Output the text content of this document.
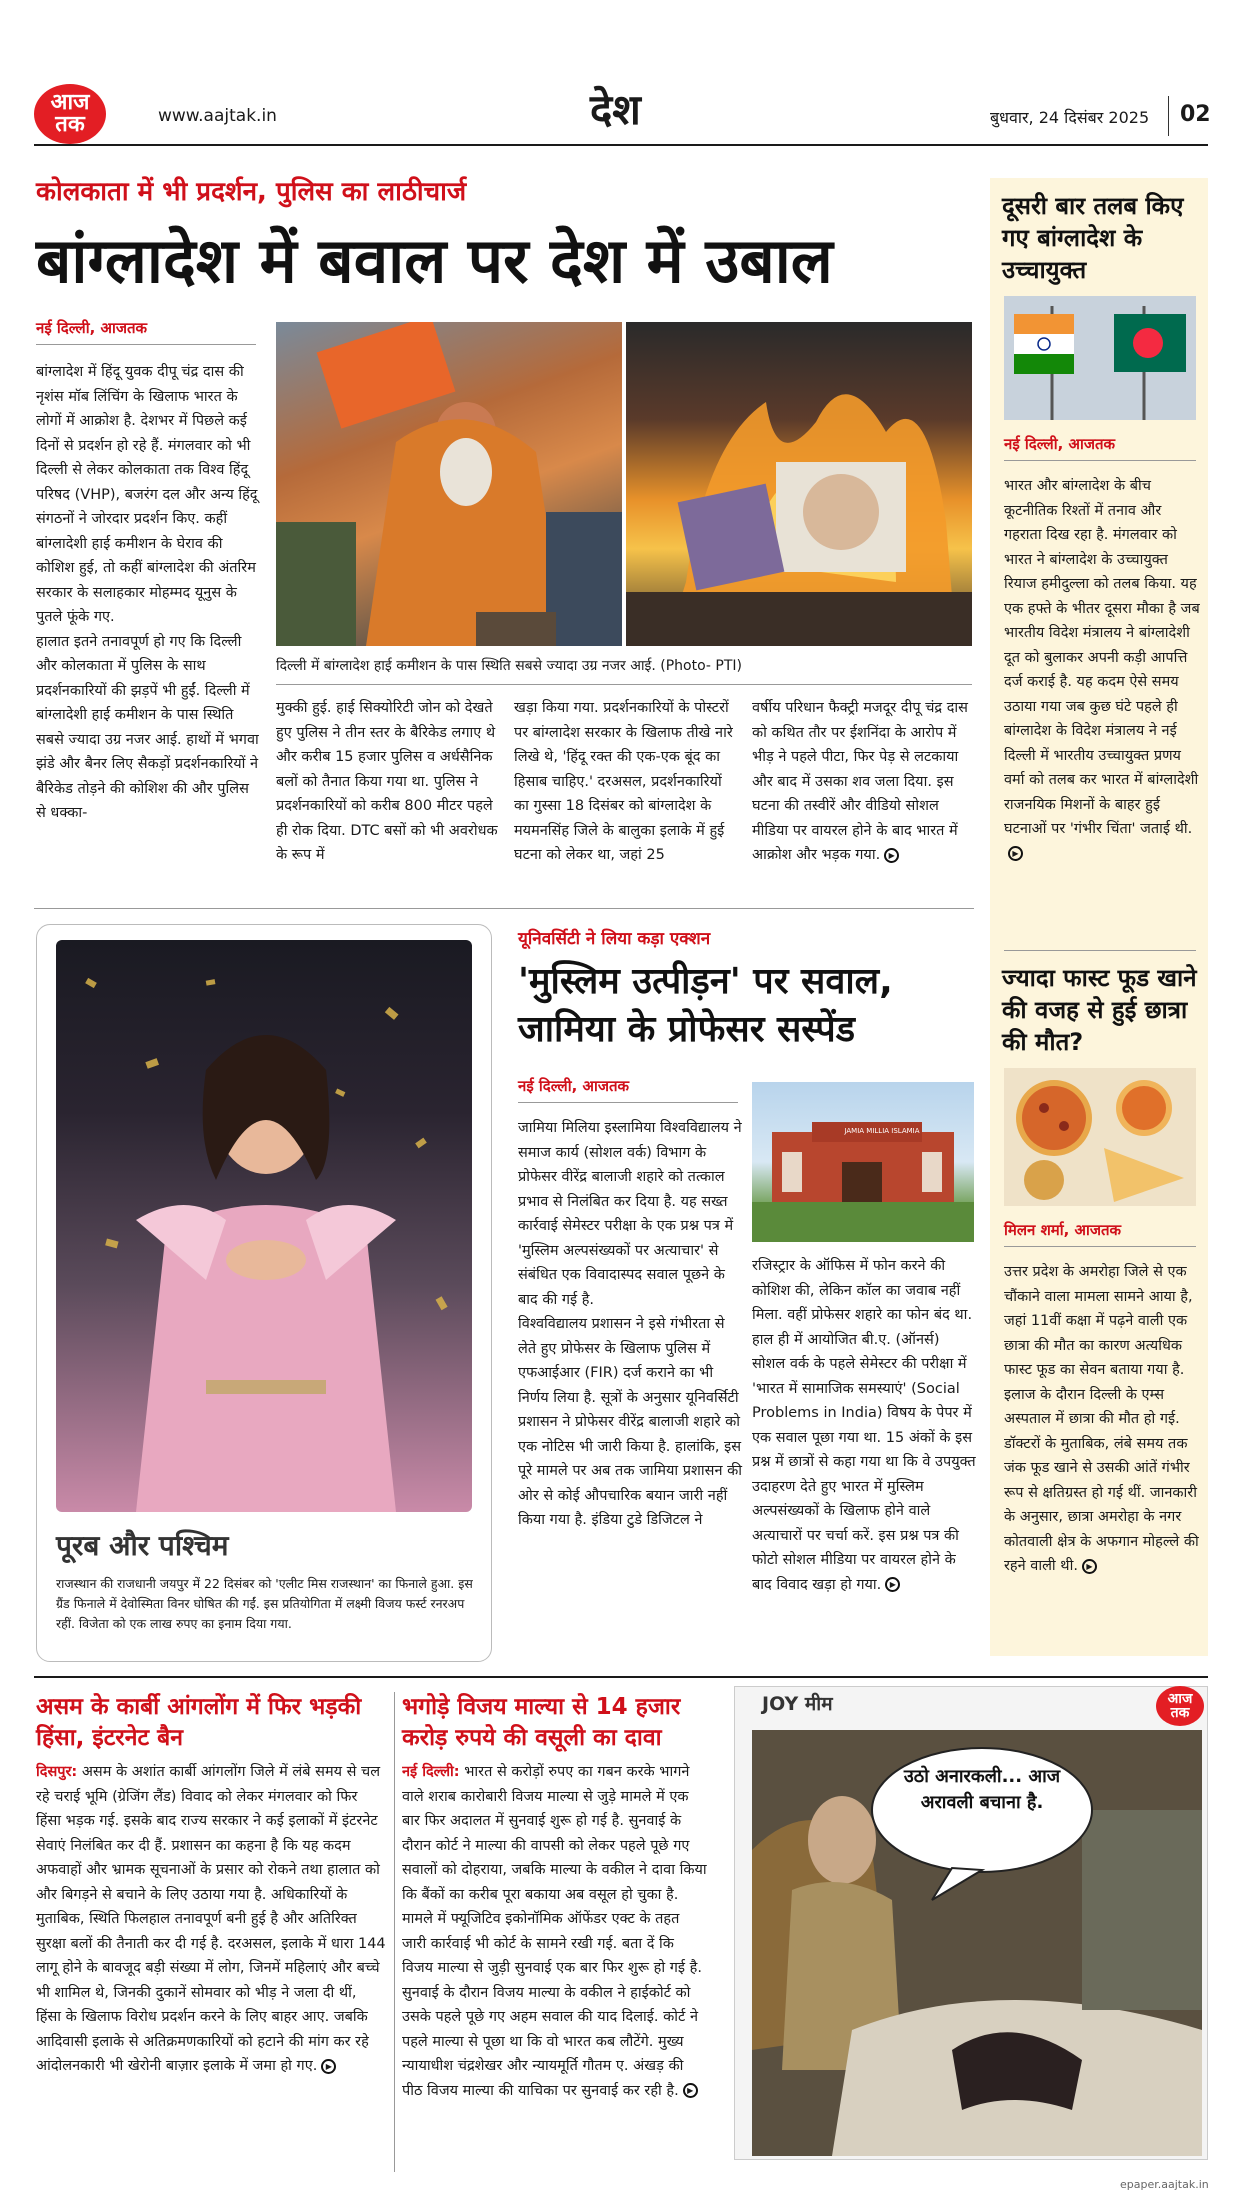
आज
तक	www.aajtak.in	देश	बुधवार, 24 दिसंबर 2025 02
कोलकाता में भी प्रदर्शन, पुलिस का लाठीचार्ज
बांग्लादेश में बवाल पर देश में उबाल
नई दिल्ली, आजतक
बांग्लादेश में हिंदू युवक दीपू चंद्र दास की नृशंस मॉब लिंचिंग के खिलाफ भारत के लोगों में आक्रोश है. देशभर में पिछले कई दिनों से प्रदर्शन हो रहे हैं. मंगलवार को भी दिल्ली से लेकर कोलकाता तक विश्व हिंदू परिषद (VHP), बजरंग दल और अन्य हिंदू संगठनों ने जोरदार प्रदर्शन किए. कहीं बांग्लादेशी हाई कमीशन के घेराव की कोशिश हुई, तो कहीं बांग्लादेश की अंतरिम सरकार के सलाहकार मोहम्मद यूनुस के पुतले फूंके गए.
हालात इतने तनावपूर्ण हो गए कि दिल्ली और कोलकाता में पुलिस के साथ प्रदर्शनकारियों की झड़पें भी हुईं. दिल्ली में बांग्लादेशी हाई कमीशन के पास स्थिति सबसे ज्यादा उग्र नजर आई. हाथों में भगवा झंडे और बैनर लिए सैकड़ों प्रदर्शनकारियों ने बैरिकेड तोड़ने की कोशिश की और पुलिस से धक्का-
दिल्ली में बांग्लादेश हाई कमीशन के पास स्थिति सबसे ज्यादा उग्र नजर आई. (Photo- PTI)
मुक्की हुई. हाई सिक्योरिटी जोन को देखते हुए पुलिस ने तीन स्तर के बैरिकेड लगाए थे और करीब 15 हजार पुलिस व अर्धसैनिक बलों को तैनात किया गया था. पुलिस ने प्रदर्शनकारियों को करीब 800 मीटर पहले ही रोक दिया. DTC बसों को भी अवरोधक के रूप में
खड़ा किया गया. प्रदर्शनकारियों के पोस्टरों पर बांग्लादेश सरकार के खिलाफ तीखे नारे लिखे थे, 'हिंदू रक्त की एक-एक बूंद का हिसाब चाहिए.' दरअसल, प्रदर्शनकारियों का गुस्सा 18 दिसंबर को बांग्लादेश के मयमनसिंह जिले के बालुका इलाके में हुई घटना को लेकर था, जहां 25
वर्षीय परिधान फैक्ट्री मजदूर दीपू चंद्र दास को कथित तौर पर ईशनिंदा के आरोप में भीड़ ने पहले पीटा, फिर पेड़ से लटकाया और बाद में उसका शव जला दिया. इस घटना की तस्वीरें और वीडियो सोशल मीडिया पर वायरल होने के बाद भारत में आक्रोश और भड़क गया. ▶
दूसरी बार तलब किए गए बांग्लादेश के उच्चायुक्त
नई दिल्ली, आजतक
भारत और बांग्लादेश के बीच कूटनीतिक रिश्तों में तनाव और गहराता दिख रहा है. मंगलवार को भारत ने बांग्लादेश के उच्चायुक्त रियाज हमीदुल्ला को तलब किया. यह एक हफ्ते के भीतर दूसरा मौका है जब भारतीय विदेश मंत्रालय ने बांग्लादेशी दूत को बुलाकर अपनी कड़ी आपत्ति दर्ज कराई है. यह कदम ऐसे समय उठाया गया जब कुछ घंटे पहले ही बांग्लादेश के विदेश मंत्रालय ने नई दिल्ली में भारतीय उच्चायुक्त प्रणय वर्मा को तलब कर भारत में बांग्लादेशी राजनयिक मिशनों के बाहर हुई घटनाओं पर 'गंभीर चिंता' जताई थी.▶
ज्यादा फास्ट फूड खाने की वजह से हुई छात्रा की मौत?
मिलन शर्मा, आजतक
उत्तर प्रदेश के अमरोहा जिले से एक चौंकाने वाला मामला सामने आया है, जहां 11वीं कक्षा में पढ़ने वाली एक छात्रा की मौत का कारण अत्यधिक फास्ट फूड का सेवन बताया गया है. इलाज के दौरान दिल्ली के एम्स अस्पताल में छात्रा की मौत हो गई. डॉक्टरों के मुताबिक, लंबे समय तक जंक फूड खाने से उसकी आंतें गंभीर रूप से क्षतिग्रस्त हो गई थीं. जानकारी के अनुसार, छात्रा अमरोहा के नगर कोतवाली क्षेत्र के अफगान मोहल्ले की रहने वाली थी. ▶
पूरब और पश्चिम
राजस्थान की राजधानी जयपुर में 22 दिसंबर को 'एलीट मिस राजस्थान' का फिनाले हुआ. इस ग्रैंड फिनाले में देवोस्मिता विनर घोषित की गईं. इस प्रतियोगिता में लक्ष्मी विजय फर्स्ट रनरअप रहीं. विजेता को एक लाख रुपए का इनाम दिया गया.
यूनिवर्सिटी ने लिया कड़ा एक्शन
'मुस्लिम उत्पीड़न' पर सवाल, जामिया के प्रोफेसर सस्पेंड
नई दिल्ली, आजतक
जामिया मिलिया इस्लामिया विश्वविद्यालय ने समाज कार्य (सोशल वर्क) विभाग के प्रोफेसर वीरेंद्र बालाजी शहारे को तत्काल प्रभाव से निलंबित कर दिया है. यह सख्त कार्रवाई सेमेस्टर परीक्षा के एक प्रश्न पत्र में 'मुस्लिम अल्पसंख्यकों पर अत्याचार' से संबंधित एक विवादास्पद सवाल पूछने के बाद की गई है.
विश्वविद्यालय प्रशासन ने इसे गंभीरता से लेते हुए प्रोफेसर के खिलाफ पुलिस में एफआईआर (FIR) दर्ज कराने का भी निर्णय लिया है. सूत्रों के अनुसार यूनिवर्सिटी प्रशासन ने प्रोफेसर वीरेंद्र बालाजी शहारे को एक नोटिस भी जारी किया है. हालांकि, इस पूरे मामले पर अब तक जामिया प्रशासन की ओर से कोई औपचारिक बयान जारी नहीं किया गया है. इंडिया टुडे डिजिटल ने
JAMIA MILLIA ISLAMIA
रजिस्ट्रार के ऑफिस में फोन करने की कोशिश की, लेकिन कॉल का जवाब नहीं मिला. वहीं प्रोफेसर शहारे का फोन बंद था. हाल ही में आयोजित बी.ए. (ऑनर्स) सोशल वर्क के पहले सेमेस्टर की परीक्षा में 'भारत में सामाजिक समस्याएं' (Social Problems in India) विषय के पेपर में एक सवाल पूछा गया था. 15 अंकों के इस प्रश्न में छात्रों से कहा गया था कि वे उपयुक्त उदाहरण देते हुए भारत में मुस्लिम अल्पसंख्यकों के खिलाफ होने वाले अत्याचारों पर चर्चा करें. इस प्रश्न पत्र की फोटो सोशल मीडिया पर वायरल होने के बाद विवाद खड़ा हो गया. ▶
असम के कार्बी आंगलोंग में फिर भड़की हिंसा, इंटरनेट बैन
दिसपुर: असम के अशांत कार्बी आंगलोंग जिले में लंबे समय से चल रहे चराई भूमि (ग्रेजिंग लैंड) विवाद को लेकर मंगलवार को फिर हिंसा भड़क गई. इसके बाद राज्य सरकार ने कई इलाकों में इंटरनेट सेवाएं निलंबित कर दी हैं. प्रशासन का कहना है कि यह कदम अफवाहों और भ्रामक सूचनाओं के प्रसार को रोकने तथा हालात को और बिगड़ने से बचाने के लिए उठाया गया है. अधिकारियों के मुताबिक, स्थिति फिलहाल तनावपूर्ण बनी हुई है और अतिरिक्त सुरक्षा बलों की तैनाती कर दी गई है. दरअसल, इलाके में धारा 144 लागू होने के बावजूद बड़ी संख्या में लोग, जिनमें महिलाएं और बच्चे भी शामिल थे, जिनकी दुकानें सोमवार को भीड़ ने जला दी थीं, हिंसा के खिलाफ विरोध प्रदर्शन करने के लिए बाहर आए. जबकि आदिवासी इलाके से अतिक्रमणकारियों को हटाने की मांग कर रहे आंदोलनकारी भी खेरोनी बाज़ार इलाके में जमा हो गए. ▶
भगोड़े विजय माल्या से 14 हजार करोड़ रुपये की वसूली का दावा
नई दिल्ली: भारत से करोड़ों रुपए का गबन करके भागने वाले शराब कारोबारी विजय माल्या से जुड़े मामले में एक बार फिर अदालत में सुनवाई शुरू हो गई है. सुनवाई के दौरान कोर्ट ने माल्या की वापसी को लेकर पहले पूछे गए सवालों को दोहराया, जबकि माल्या के वकील ने दावा किया कि बैंकों का करीब पूरा बकाया अब वसूल हो चुका है. मामले में फ्यूजिटिव इकोनॉमिक ऑफेंडर एक्ट के तहत जारी कार्रवाई भी कोर्ट के सामने रखी गई. बता दें कि विजय माल्या से जुड़ी सुनवाई एक बार फिर शुरू हो गई है. सुनवाई के दौरान विजय माल्या के वकील ने हाईकोर्ट को उसके पहले पूछे गए अहम सवाल की याद दिलाई. कोर्ट ने पहले माल्या से पूछा था कि वो भारत कब लौटेंगे. मुख्य न्यायाधीश चंद्रशेखर और न्यायमूर्ति गौतम ए. अंखड़ की पीठ विजय माल्या की याचिका पर सुनवाई कर रही है. ▶
JOY मीम	आज
तक
उठो अनारकली... आज अरावली बचाना है.
epaper.aajtak.in
